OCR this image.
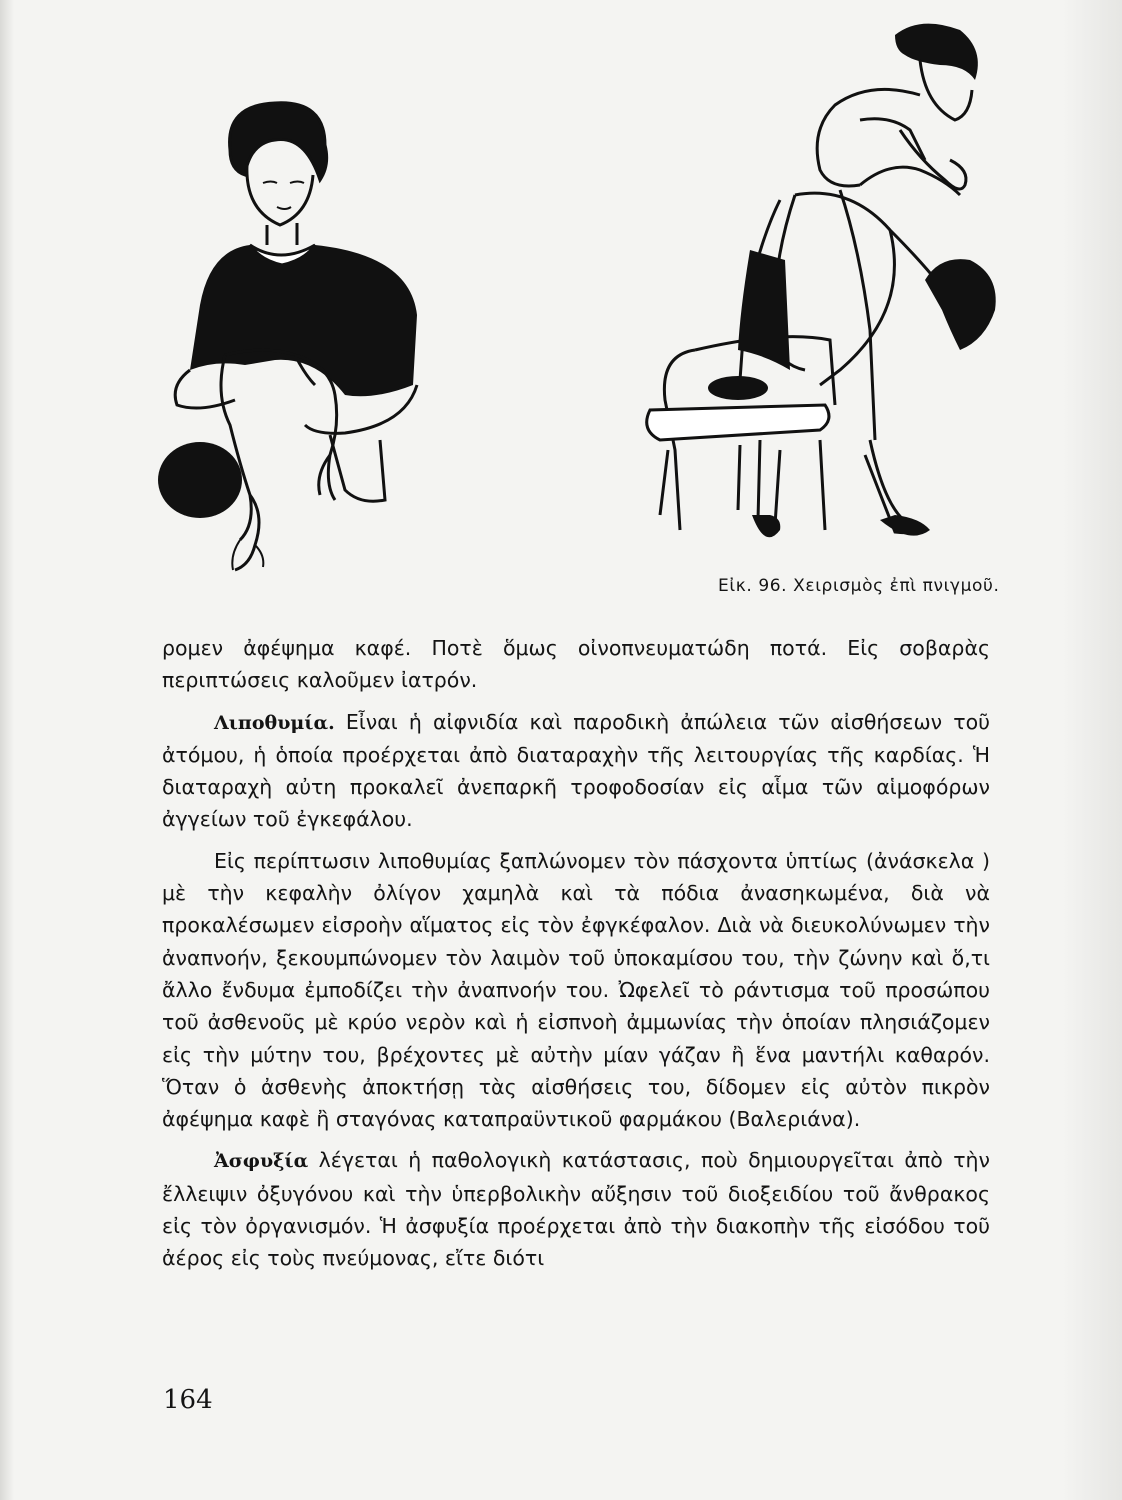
Εἰκ. 96. Χειρισμὸς ἐπὶ πνιγμοῦ.

ρομεν ἀφέψημα καφέ. Ποτὲ ὅμως οἰνοπνευματώδη ποτά. Εἰς σοβαρὰς περιπτώσεις καλοῦμεν ἰατρόν.

Λιποθυμία. Εἶναι ἡ αἰφνιδία καὶ παροδικὴ ἀπώλεια τῶν αἰσθήσεων τοῦ ἀτόμου, ἡ ὁποία προέρχεται ἀπὸ διαταραχὴν τῆς λειτουργίας τῆς καρδίας. Ἡ διαταραχὴ αὐτη προκαλεῖ ἀνεπαρκῆ τροφοδοσίαν εἰς αἷμα τῶν αἱμοφόρων ἀγγείων τοῦ ἐγκεφάλου.

Εἰς περίπτωσιν λιποθυμίας ξαπλώνομεν τὸν πάσχοντα ὑπτίως (ἀνάσκελα ) μὲ τὴν κεφαλὴν ὀλίγον χαμηλὰ καὶ τὰ πόδια ἀνασηκωμένα, διὰ νὰ προκαλέσωμεν εἰσροὴν αἵματος εἰς τὸν ἐφγκέφαλον. Διὰ νὰ διευκολύνωμεν τὴν ἀναπνοήν, ξεκουμπώνομεν τὸν λαιμὸν τοῦ ὑποκαμίσου του, τὴν ζώνην καὶ ὅ,τι ἄλλο ἔνδυμα ἐμποδίζει τὴν ἀναπνοήν του. Ὠφελεῖ τὸ ράντισμα τοῦ προσώπου τοῦ ἀσθενοῦς μὲ κρύο νερὸν καὶ ἡ εἰσπνοὴ ἀμμωνίας τὴν ὁποίαν πλησιάζομεν εἰς τὴν μύτην του, βρέχοντες μὲ αὐτὴν μίαν γάζαν ἢ ἕνα μαντήλι καθαρόν. Ὅταν ὁ ἀσθενὴς ἀποκτήσῃ τὰς αἰσθήσεις του, δίδομεν εἰς αὐτὸν πικρὸν ἀφέψημα καφὲ ἢ σταγόνας καταπραϋντικοῦ φαρμάκου (Βαλεριάνα).

Ἀσφυξία λέγεται ἡ παθολογικὴ κατάστασις, ποὺ δημιουργεῖται ἀπὸ τὴν ἔλλειψιν ὀξυγόνου καὶ τὴν ὑπερβολικὴν αὔξησιν τοῦ διοξειδίου τοῦ ἄνθρακος εἰς τὸν ὀργανισμόν. Ἡ ἀσφυξία προέρχεται ἀπὸ τὴν διακοπὴν τῆς εἰσόδου τοῦ ἀέρος εἰς τοὺς πνεύμονας, εἴτε διότι

164
